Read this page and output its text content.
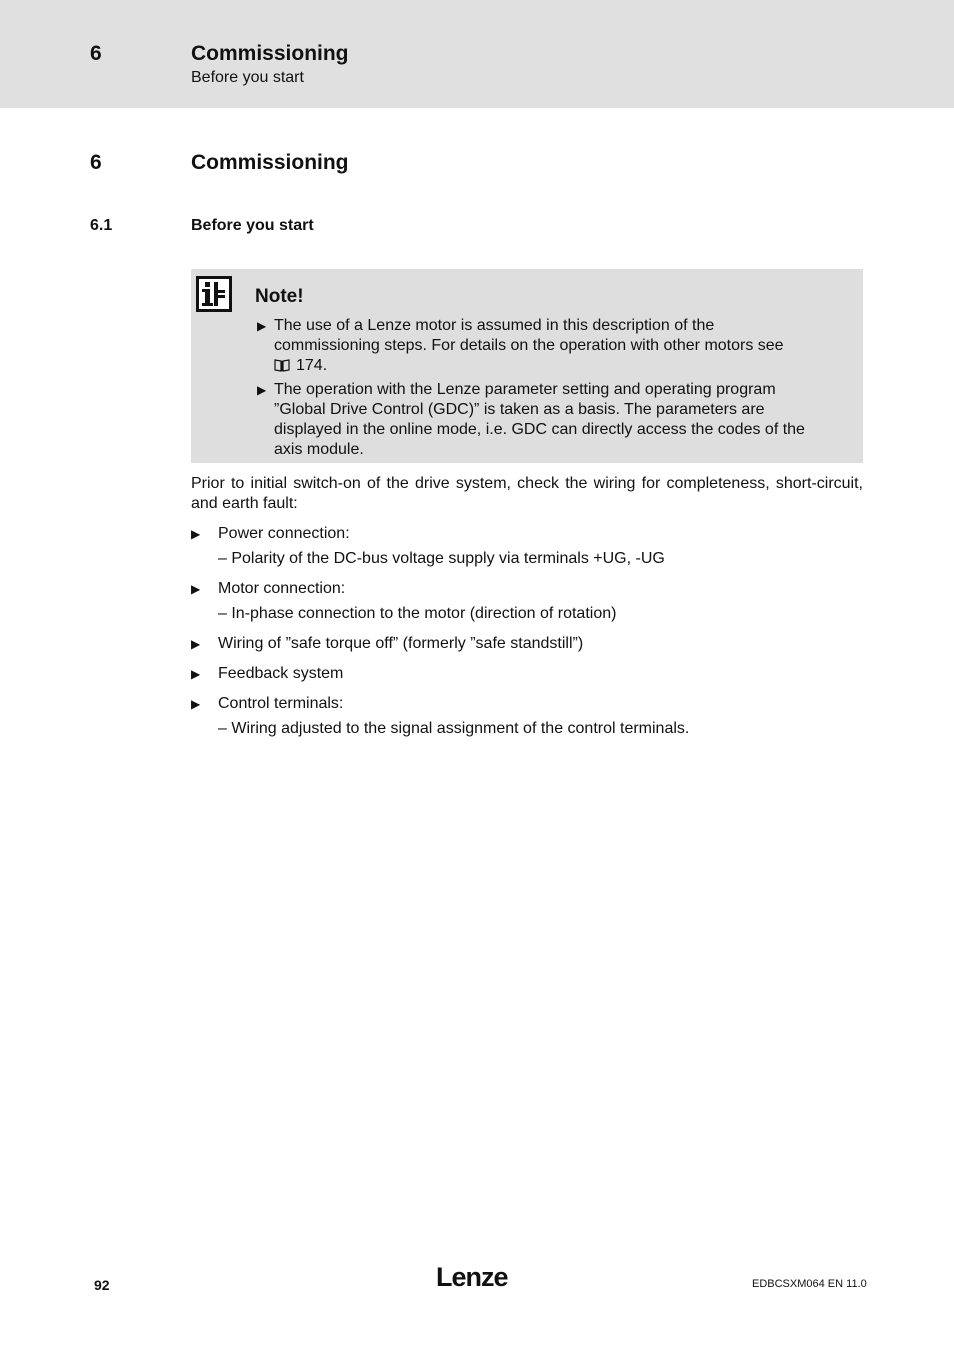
6	Commissioning
Before you start
6	Commissioning
6.1	Before you start
Note!
▶ The use of a Lenze motor is assumed in this description of the
commissioning steps. For details on the operation with other motors see
174.
▶ The operation with the Lenze parameter setting and operating program
”Global Drive Control (GDC)” is taken as a basis. The parameters are
displayed in the online mode, i.e. GDC can directly access the codes of the
axis module.
Prior to initial switch-on of the drive system, check the wiring for completeness, short-circuit, and earth fault:
▶ Power connection:
– Polarity of the DC-bus voltage supply via terminals +UG, -UG
▶ Motor connection:
– In-phase connection to the motor (direction of rotation)
▶ Wiring of ”safe torque off” (formerly ”safe standstill”)
▶ Feedback system
▶ Control terminals:
– Wiring adjusted to the signal assignment of the control terminals.
92	Lenze	EDBCSXM064 EN 11.0
